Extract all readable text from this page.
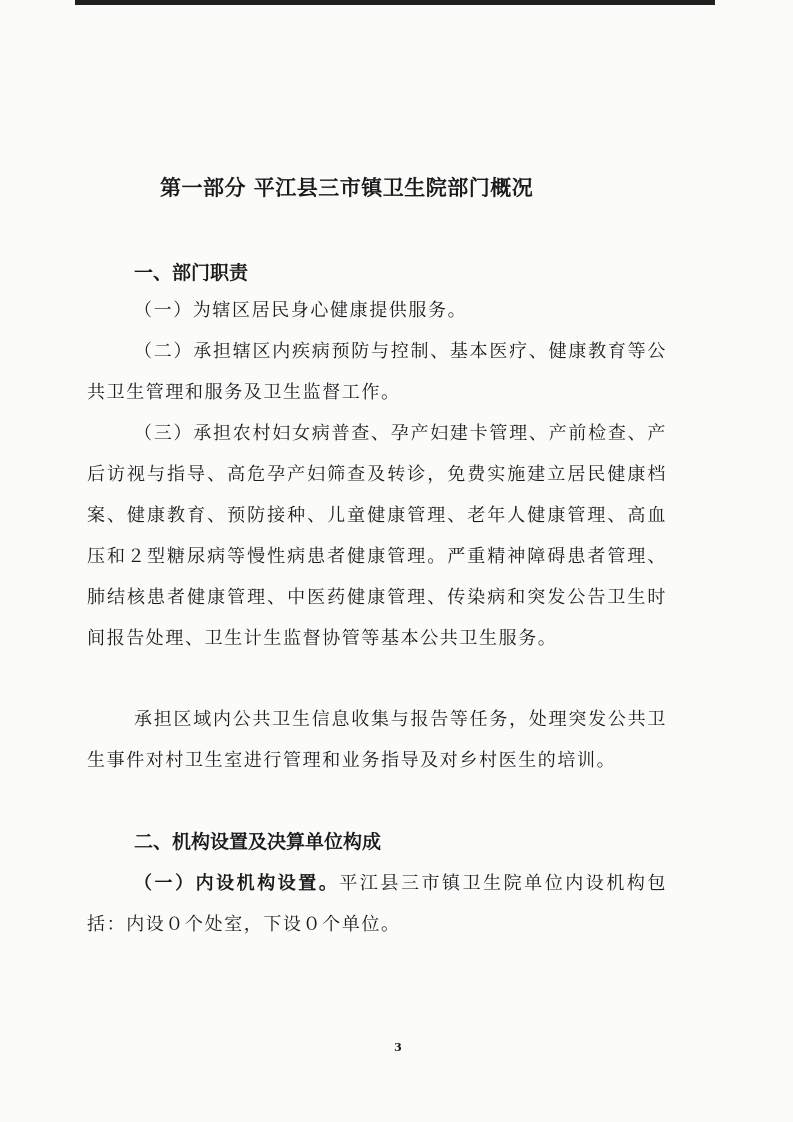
第一部分 平江县三市镇卫生院部门概况
一、部门职责

（一）为辖区居民身心健康提供服务。

（二）承担辖区内疾病预防与控制、基本医疗、健康教育等公共卫生管理和服务及卫生监督工作。

（三）承担农村妇女病普查、孕产妇建卡管理、产前检查、产后访视与指导、高危孕产妇筛查及转诊，免费实施建立居民健康档案、健康教育、预防接种、儿童健康管理、老年人健康管理、高血压和２型糖尿病等慢性病患者健康管理。严重精神障碍患者管理、肺结核患者健康管理、中医药健康管理、传染病和突发公告卫生时间报告处理、卫生计生监督协管等基本公共卫生服务。

承担区域内公共卫生信息收集与报告等任务，处理突发公共卫生事件对村卫生室进行管理和业务指导及对乡村医生的培训。

二、机构设置及决算单位构成

（一）内设机构设置。平江县三市镇卫生院单位内设机构包括：内设０个处室，下设０个单位。

3
